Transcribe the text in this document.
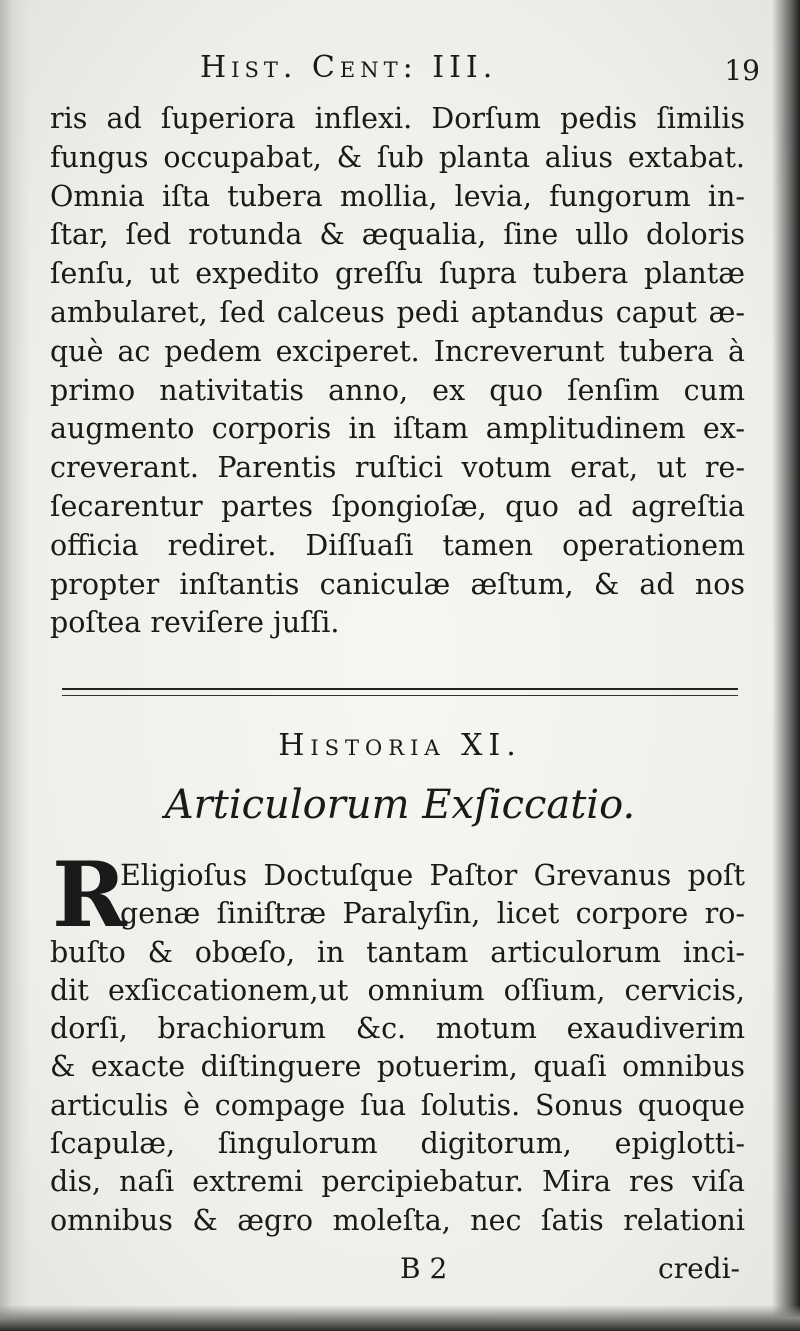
Hist. Cent: III.	19
ris ad ſuperiora inflexi. Dorſum pedis ſimilis
fungus occupabat, & ſub planta alius extabat.
Omnia iſta tubera mollia, levia, fungorum in-
ſtar, ſed rotunda & æqualia, ſine ullo doloris
ſenſu, ut expedito greſſu ſupra tubera plantæ
ambularet, ſed calceus pedi aptandus caput æ-
què ac pedem exciperet. Increverunt tubera à
primo nativitatis anno, ex quo ſenſim cum
augmento corporis in iſtam amplitudinem ex-
creverant. Parentis ruſtici votum erat, ut re-
ſecarentur partes ſpongioſæ, quo ad agreſtia
officia rediret. Diſſuaſi tamen operationem
propter inſtantis caniculæ æſtum, & ad nos
poſtea reviſere juſſi.
Historia XI.
Articulorum Exſiccatio.
R
Eligioſus Doctuſque Paſtor Grevanus poſt
genæ ſiniſtræ Paralyſin, licet corpore ro-
buſto & obœſo, in tantam articulorum inci-
dit exſiccationem,ut omnium oſſium, cervicis,
dorſi, brachiorum &c. motum exaudiverim
& exacte diſtinguere potuerim, quaſi omnibus
articulis è compage ſua ſolutis. Sonus quoque
ſcapulæ, ſingulorum digitorum, epiglotti-
dis, naſi extremi percipiebatur. Mira res viſa
omnibus & ægro moleſta, nec ſatis relationi
B 2	credi-
